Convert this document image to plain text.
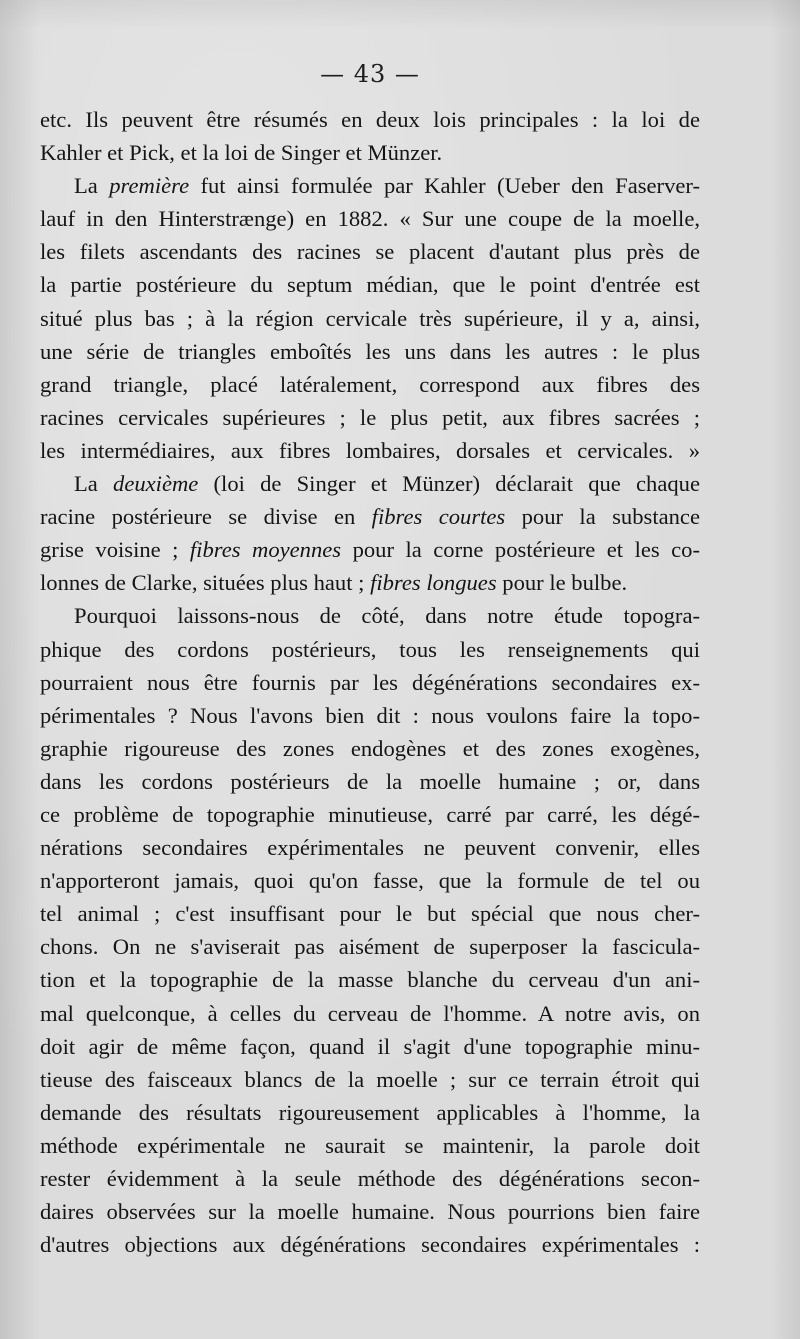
— 43 —
etc. Ils peuvent être résumés en deux lois principales : la loi de
Kahler et Pick, et la loi de Singer et Münzer.
La première fut ainsi formulée par Kahler (Ueber den Faserver-
lauf in den Hinterstrænge) en 1882. « Sur une coupe de la moelle,
les filets ascendants des racines se placent d'autant plus près de
la partie postérieure du septum médian, que le point d'entrée est
situé plus bas ; à la région cervicale très supérieure, il y a, ainsi,
une série de triangles emboîtés les uns dans les autres : le plus
grand triangle, placé latéralement, correspond aux fibres des
racines cervicales supérieures ; le plus petit, aux fibres sacrées ;
les intermédiaires, aux fibres lombaires, dorsales et cervicales. »
La deuxième (loi de Singer et Münzer) déclarait que chaque
racine postérieure se divise en fibres courtes pour la substance
grise voisine ; fibres moyennes pour la corne postérieure et les co-
lonnes de Clarke, situées plus haut ; fibres longues pour le bulbe.
Pourquoi laissons-nous de côté, dans notre étude topogra-
phique des cordons postérieurs, tous les renseignements qui
pourraient nous être fournis par les dégénérations secondaires ex-
périmentales ? Nous l'avons bien dit : nous voulons faire la topo-
graphie rigoureuse des zones endogènes et des zones exogènes,
dans les cordons postérieurs de la moelle humaine ; or, dans
ce problème de topographie minutieuse, carré par carré, les dégé-
nérations secondaires expérimentales ne peuvent convenir, elles
n'apporteront jamais, quoi qu'on fasse, que la formule de tel ou
tel animal ; c'est insuffisant pour le but spécial que nous cher-
chons. On ne s'aviserait pas aisément de superposer la fascicula-
tion et la topographie de la masse blanche du cerveau d'un ani-
mal quelconque, à celles du cerveau de l'homme. A notre avis, on
doit agir de même façon, quand il s'agit d'une topographie minu-
tieuse des faisceaux blancs de la moelle ; sur ce terrain étroit qui
demande des résultats rigoureusement applicables à l'homme, la
méthode expérimentale ne saurait se maintenir, la parole doit
rester évidemment à la seule méthode des dégénérations secon-
daires observées sur la moelle humaine. Nous pourrions bien faire
d'autres objections aux dégénérations secondaires expérimentales :
